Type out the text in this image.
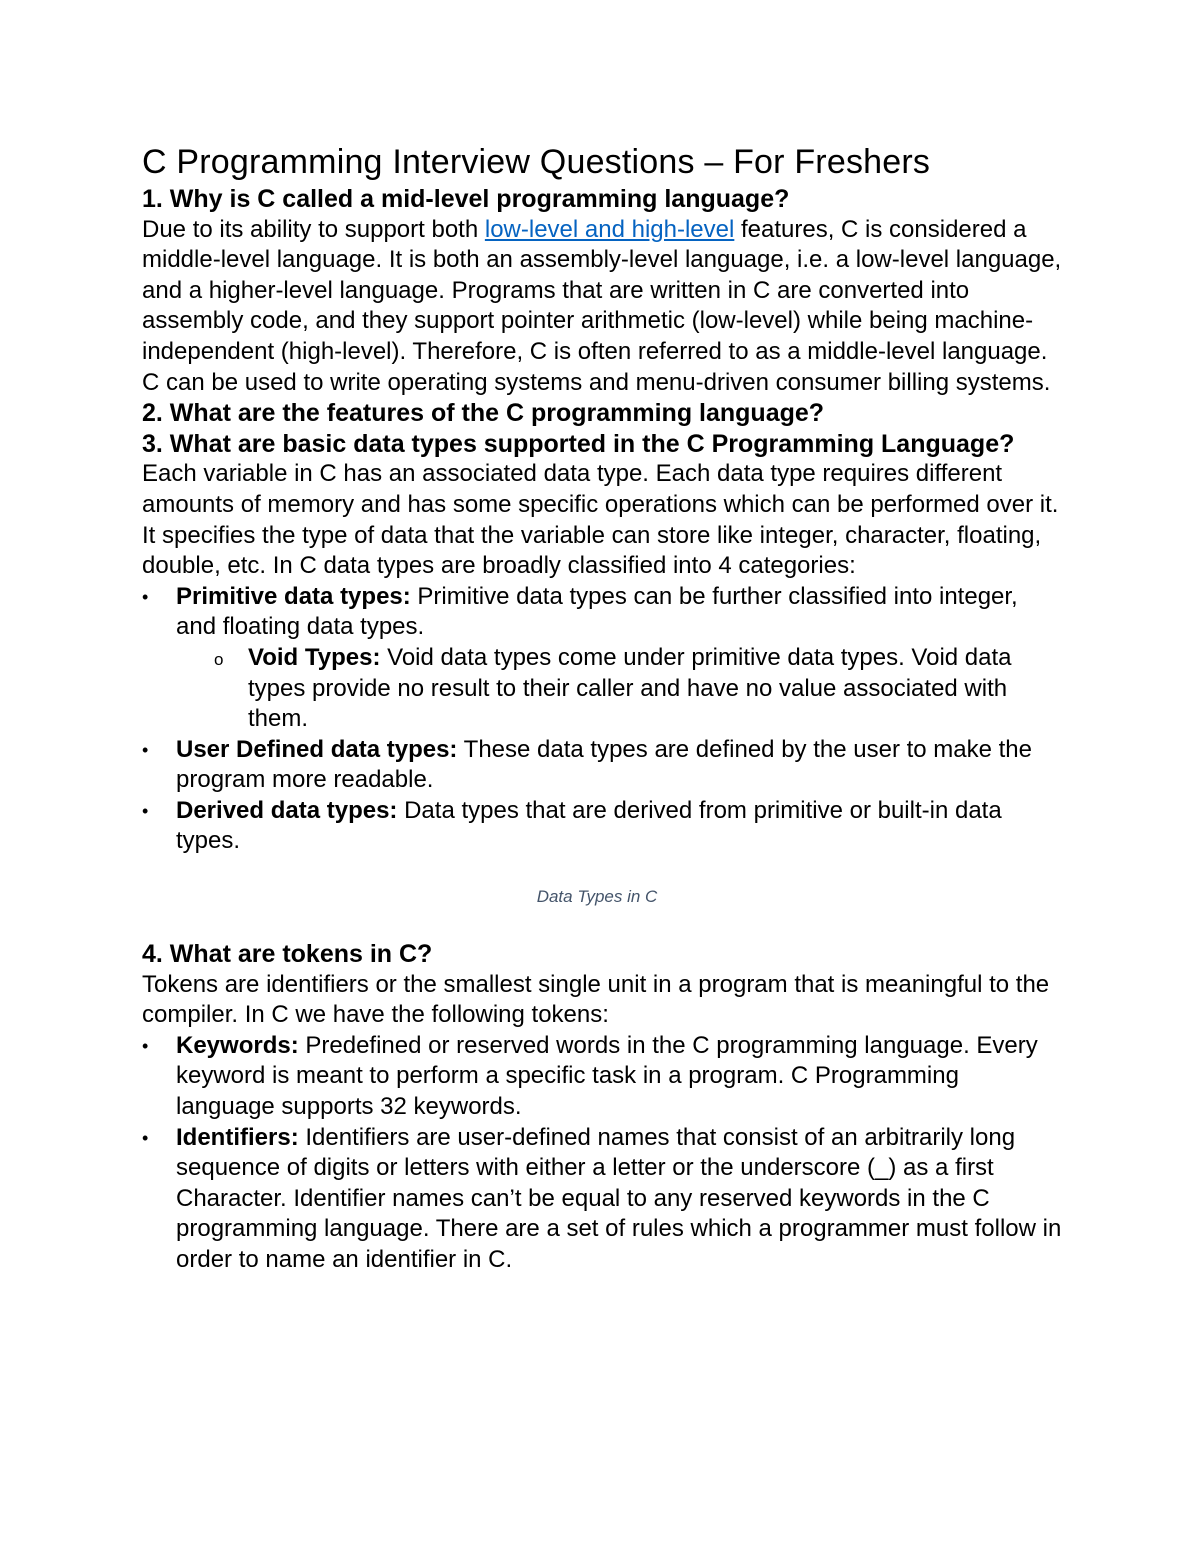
C Programming Interview Questions – For Freshers
1. Why is C called a mid-level programming language?

Due to its ability to support both low-level and high-level features, C is considered a middle-level language. It is both an assembly-level language, i.e. a low-level language, and a higher-level language. Programs that are written in C are converted into assembly code, and they support pointer arithmetic (low-level) while being machine-independent (high-level). Therefore, C is often referred to as a middle-level language. C can be used to write operating systems and menu-driven consumer billing systems.

2. What are the features of the C programming language?
3. What are basic data types supported in the C Programming Language?

Each variable in C has an associated data type. Each data type requires different amounts of memory and has some specific operations which can be performed over it. It specifies the type of data that the variable can store like integer, character, floating, double, etc. In C data types are broadly classified into 4 categories:

•	Primitive data types: Primitive data types can be further classified into integer, and floating data types.
o Void Types: Void data types come under primitive data types. Void data types provide no result to their caller and have no value associated with them.
•	User Defined data types: These data types are defined by the user to make the program more readable.
•	Derived data types: Data types that are derived from primitive or built-in data types.

Data Types in C

4. What are tokens in C?

Tokens are identifiers or the smallest single unit in a program that is meaningful to the compiler. In C we have the following tokens:

•	Keywords: Predefined or reserved words in the C programming language. Every keyword is meant to perform a specific task in a program. C Programming language supports 32 keywords.
•	Identifiers: Identifiers are user-defined names that consist of an arbitrarily long sequence of digits or letters with either a letter or the underscore (_) as a first Character. Identifier names can’t be equal to any reserved keywords in the C programming language. There are a set of rules which a programmer must follow in order to name an identifier in C.
